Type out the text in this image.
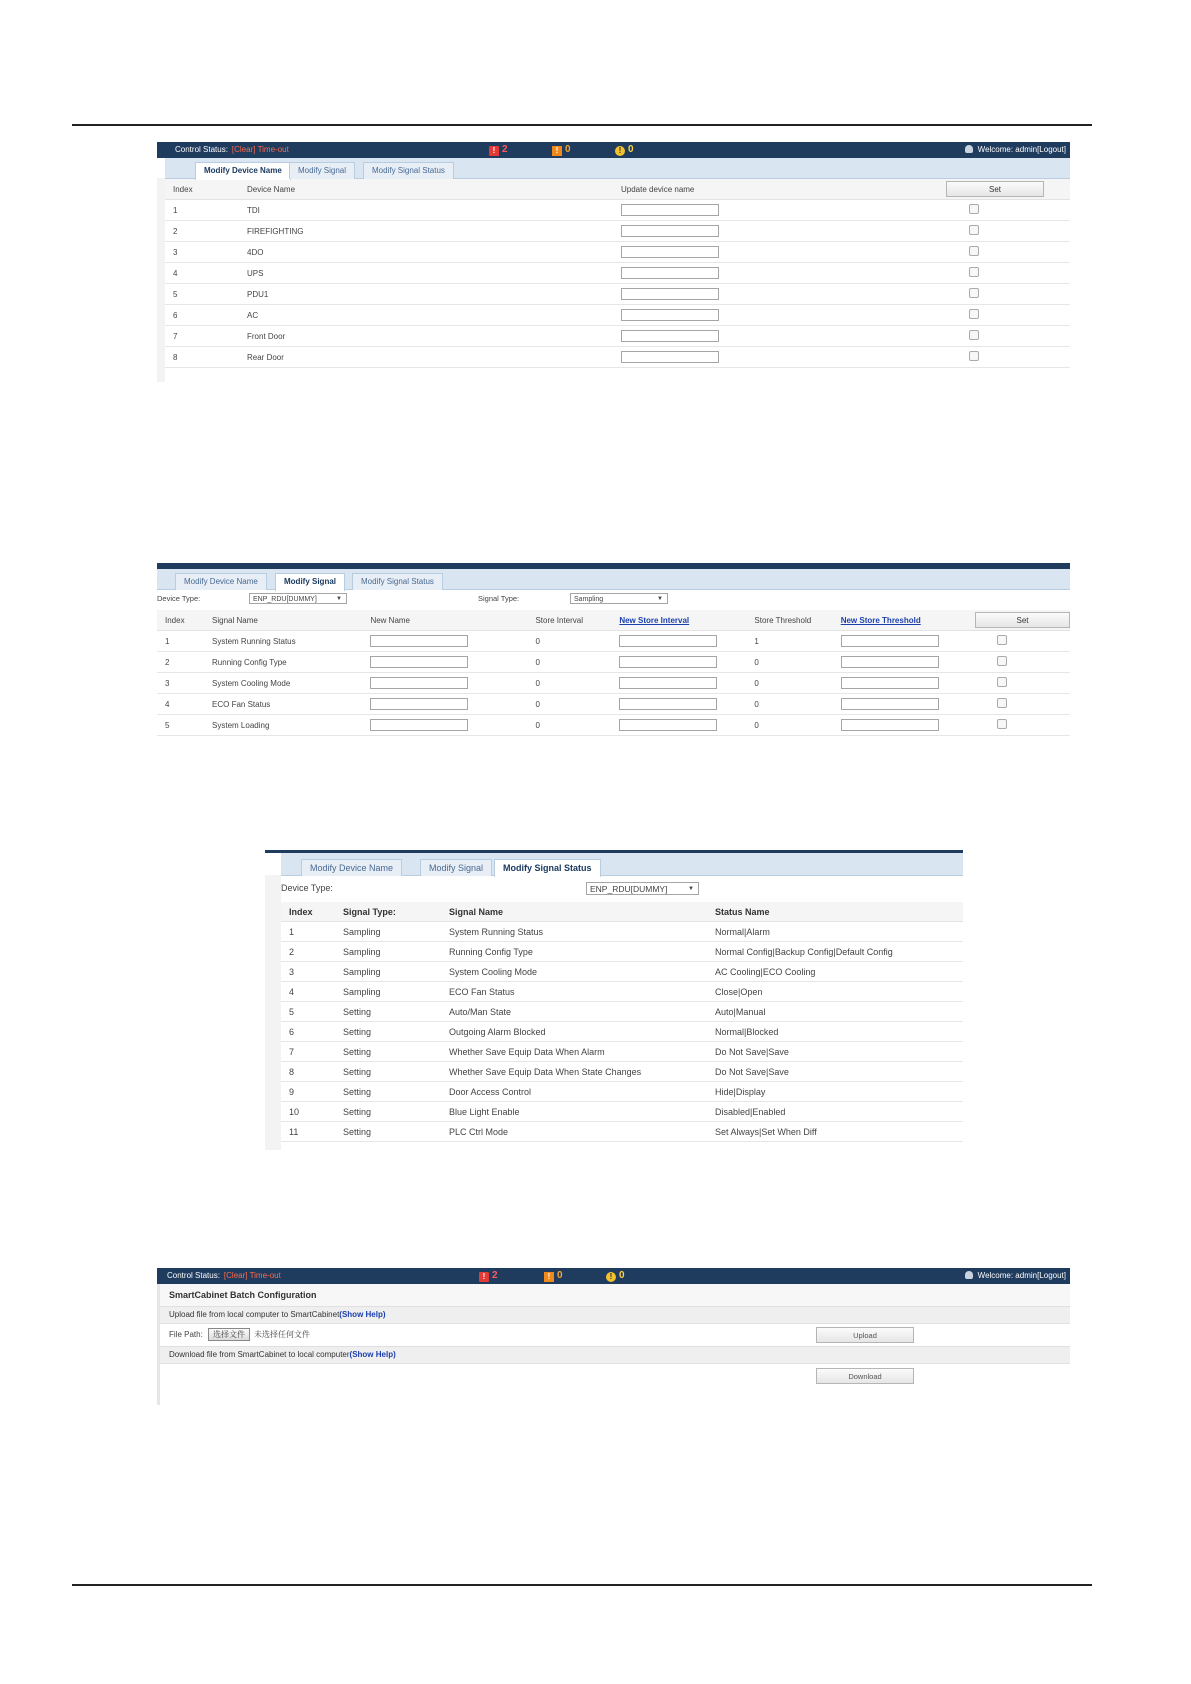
Control Status: [Clear] Time-out	! 2	! 0	! 0	Welcome: admin[Logout]
Modify Device Name	Modify Signal	Modify Signal Status
Index	Device Name	Update device name	Set
1	TDI		
2	FIREFIGHTING		
3	4DO		
4	UPS		
5	PDU1		
6	AC		
7	Front Door		
8	Rear Door		
Modify Device Name	Modify Signal	Modify Signal Status
Device Type:	ENP_RDU[DUMMY]	▼	Signal Type:	Sampling	▼
Index	Signal Name	New Name	Store Interval	New Store Interval	Store Threshold	New Store Threshold	Set
1	System Running Status		0		1		
2	Running Config Type		0		0		
3	System Cooling Mode		0		0		
4	ECO Fan Status		0		0		
5	System Loading		0		0		
Modify Device Name	Modify Signal	Modify Signal Status
Device Type:	ENP_RDU[DUMMY]	▼
Index	Signal Type:	Signal Name	Status Name
1	Sampling	System Running Status	Normal|Alarm
2	Sampling	Running Config Type	Normal Config|Backup Config|Default Config
3	Sampling	System Cooling Mode	AC Cooling|ECO Cooling
4	Sampling	ECO Fan Status	Close|Open
5	Setting	Auto/Man State	Auto|Manual
6	Setting	Outgoing Alarm Blocked	Normal|Blocked
7	Setting	Whether Save Equip Data When Alarm	Do Not Save|Save
8	Setting	Whether Save Equip Data When State Changes	Do Not Save|Save
9	Setting	Door Access Control	Hide|Display
10	Setting	Blue Light Enable	Disabled|Enabled
11	Setting	PLC Ctrl Mode	Set Always|Set When Diff
Control Status: [Clear] Time-out	! 2	! 0	! 0	Welcome: admin[Logout]
SmartCabinet Batch Configuration
Upload file from local computer to SmartCabinet(Show Help)
File Path:	选择文件 未选择任何文件	Upload
Download file from SmartCabinet to local computer(Show Help)
Download
